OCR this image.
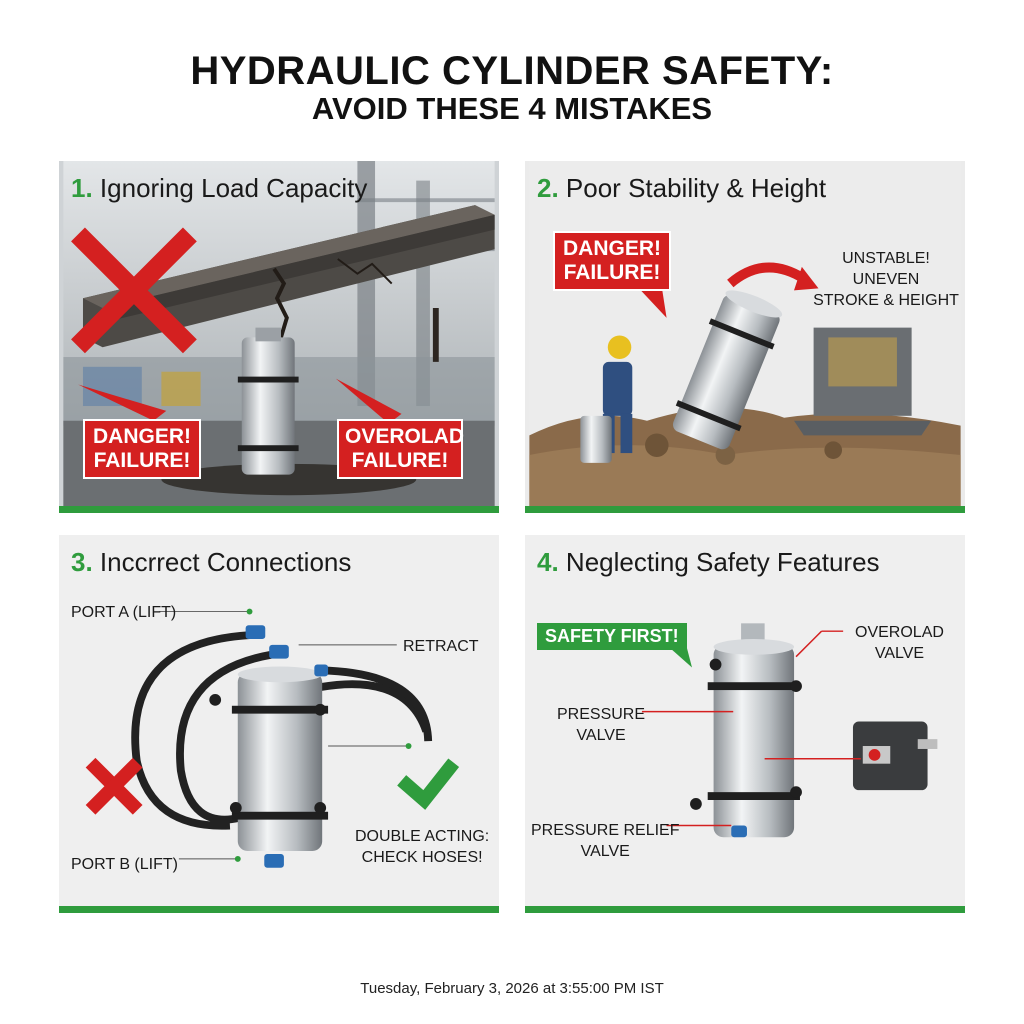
HYDRAULIC CYLINDER SAFETY:
AVOID THESE 4 MISTAKES
1. Ignoring Load Capacity
DANGER!
FAILURE!
OVEROLAD
FAILURE!
2. Poor Stability & Height
DANGER!
FAILURE!
UNSTABLE! UNEVEN
STROKE & HEIGHT
3. Inccrrect Connections
PORT A (LIFT)
RETRACT
PORT B (LIFT)
DOUBLE ACTING:
CHECK HOSES!
4. Neglecting Safety Features
SAFETY FIRST!	OVEROLAD
VALVE
PRESSURE
VALVE
PRESSURE RELIEF
VALVE
Tuesday, February 3, 2026 at 3:55:00 PM IST
